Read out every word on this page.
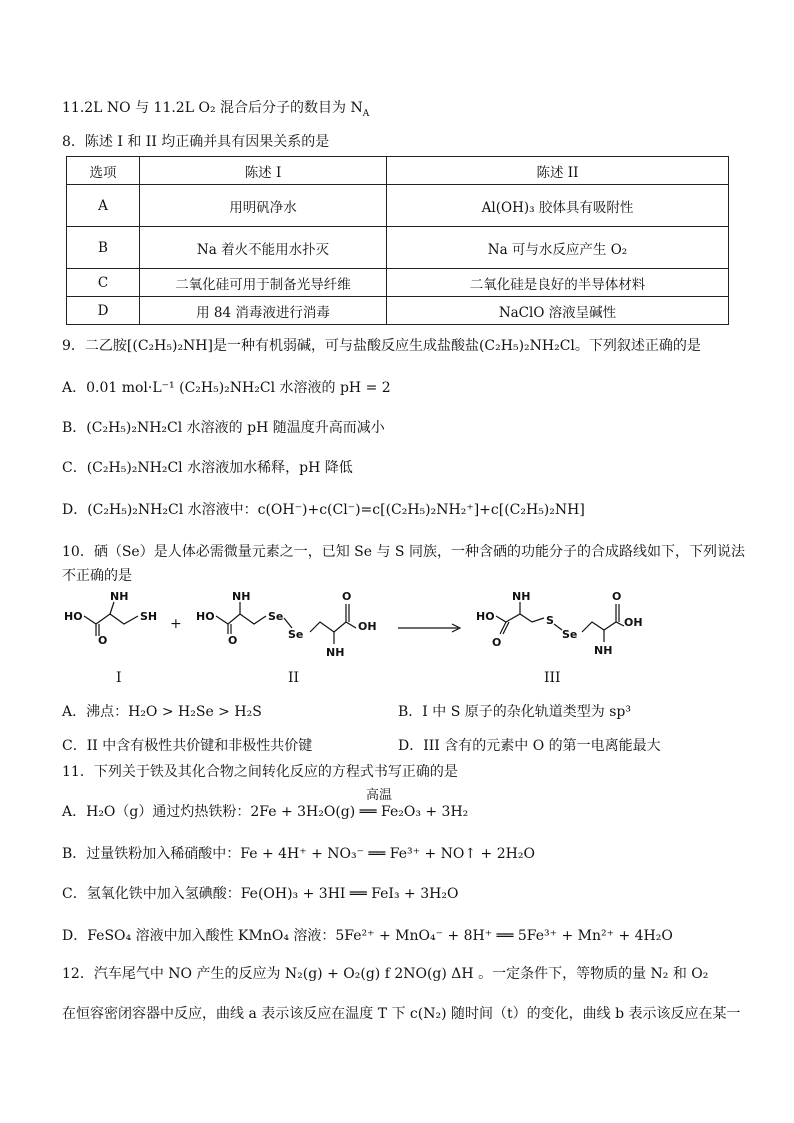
11.2L NO 与 11.2L O₂ 混合后分子的数目为 $N_A$
8．陈述 I 和 II 均正确并具有因果关系的是
选项	陈述 I	陈述 II
A	用明矾净水	Al(OH)₃ 胶体具有吸附性
B	Na 着火不能用水扑灭	Na 可与水反应产生 O₂
C	二氧化硅可用于制备光导纤维	二氧化硅是良好的半导体材料
D	用 84 消毒液进行消毒	NaClO 溶液呈碱性
9．二乙胺[(C₂H₅)₂NH]是一种有机弱碱，可与盐酸反应生成盐酸盐(C₂H₅)₂NH₂Cl。下列叙述正确的是
A．0.01 mol·L⁻¹ (C₂H₅)₂NH₂Cl 水溶液的 pH = 2
B．(C₂H₅)₂NH₂Cl 水溶液的 pH 随温度升高而减小
C．(C₂H₅)₂NH₂Cl 水溶液加水稀释，pH 降低
D．(C₂H₅)₂NH₂Cl 水溶液中：c(OH⁻)+c(Cl⁻)=c[(C₂H₅)₂NH₂⁺]+c[(C₂H₅)₂NH]
10．硒（Se）是人体必需微量元素之一，已知 Se 与 S 同族，一种含硒的功能分子的合成路线如下，下列说法
不正确的是
HO
O
NH
SH
I
+ HO
NH
O
Se
Se
O
OH
NH
II
HO
NH
O
S
Se
O
OH
NH
III
A．沸点：H₂O > H₂Se > H₂S	B．I 中 S 原子的杂化轨道类型为 sp³
C．II 中含有极性共价键和非极性共价键	D．III 含有的元素中 O 的第一电离能最大
11．下列关于铁及其化合物之间转化反应的方程式书写正确的是
高温
A．H₂O（g）通过灼热铁粉：2Fe + 3H₂O(g) ══ Fe₂O₃ + 3H₂
B．过量铁粉加入稀硝酸中：Fe + 4H⁺ + NO₃⁻ ══ Fe³⁺ + NO↑ + 2H₂O
C．氢氧化铁中加入氢碘酸：Fe(OH)₃ + 3HI ══ FeI₃ + 3H₂O
D．FeSO₄ 溶液中加入酸性 KMnO₄ 溶液：5Fe²⁺ + MnO₄⁻ + 8H⁺ ══ 5Fe³⁺ + Mn²⁺ + 4H₂O
12．汽车尾气中 NO 产生的反应为 N₂(g) + O₂(g) f 2NO(g) ΔH 。一定条件下，等物质的量 N₂ 和 O₂
在恒容密闭容器中反应，曲线 a 表示该反应在温度 T 下 c(N₂) 随时间（t）的变化，曲线 b 表示该反应在某一
